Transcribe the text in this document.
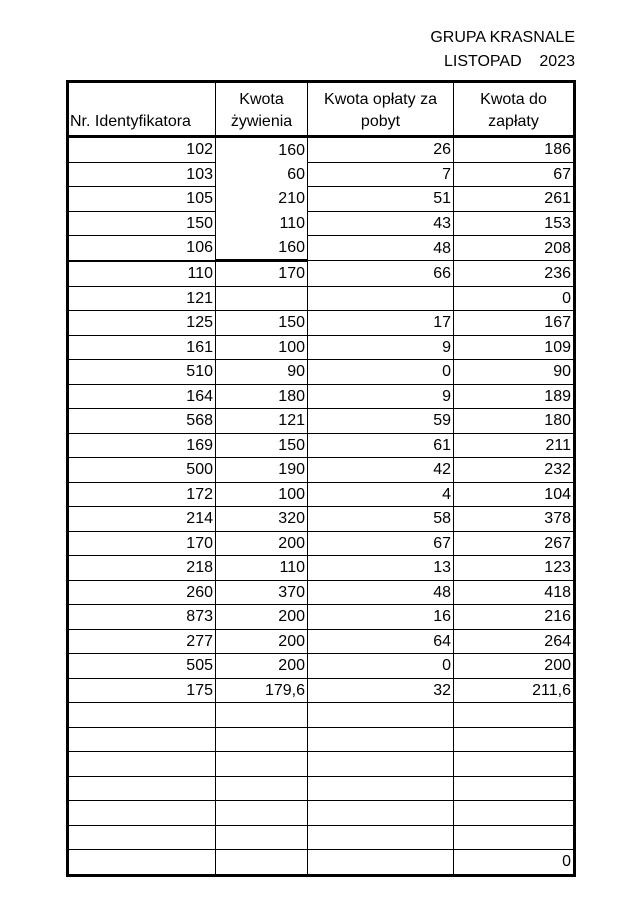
GRUPA KRASNALE
LISTOPAD    2023
Nr. Identyfikatora	Kwota żywienia	Kwota opłaty za pobyt	Kwota do zapłaty
102	160	26	186
103	60	7	67
105	210	51	261
150	110	43	153
106	160	48	208
110	170	66	236
121			0
125	150	17	167
161	100	9	109
510	90	0	90
164	180	9	189
568	121	59	180
169	150	61	211
500	190	42	232
172	100	4	104
214	320	58	378
170	200	67	267
218	110	13	123
260	370	48	418
873	200	16	216
277	200	64	264
505	200	0	200
175	179,6	32	211,6

			0
